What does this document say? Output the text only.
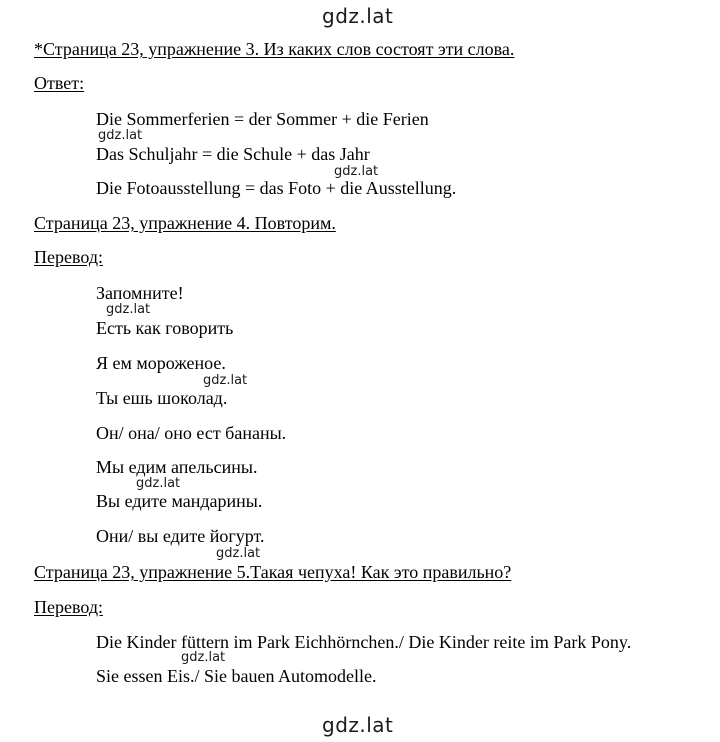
gdz.lat
*Страница 23, упражнение 3. Из каких слов состоят эти слова.
Ответ:
Die Sommerferien = der Sommer + die Ferien
Das Schuljahr = die Schule + das Jahr
Die Fotoausstellung = das Foto + die Ausstellung.
Страница 23, упражнение 4. Повторим.
Перевод:
Запомните!
Есть как говорить
Я ем мороженое.
Ты ешь шоколад.
Он/ она/ оно ест бананы.
Мы едим апельсины.
Вы едите мандарины.
Они/ вы едите йогурт.
Страница 23, упражнение 5.Такая чепуха! Как это правильно?
Перевод:
Die Kinder füttern im Park Eichhörnchen./ Die Kinder reite im Park Pony.
Sie essen Eis./ Sie bauen Automodelle.
gdz.lat
gdz.lat
gdz.lat
gdz.lat
gdz.lat
gdz.lat
gdz.lat
gdz.lat
